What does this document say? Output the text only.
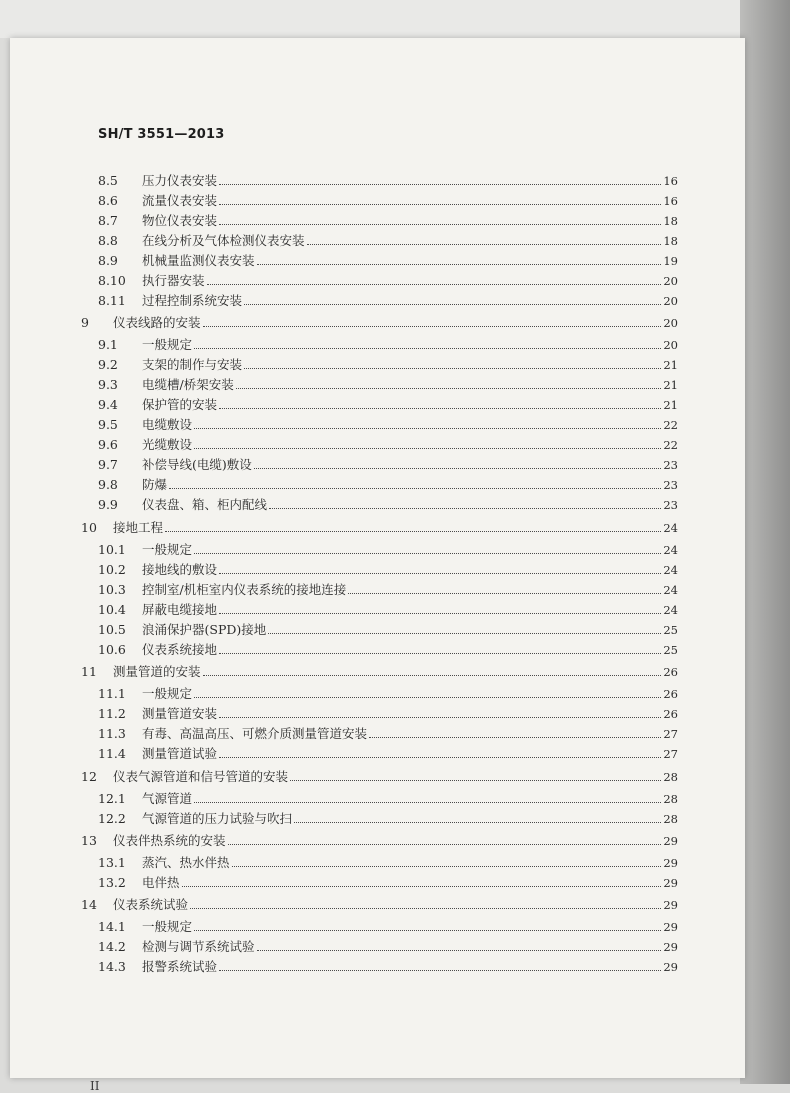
SH/T 3551—2013
8.5	压力仪表安装	16
8.6	流量仪表安装	16
8.7	物位仪表安装	18
8.8	在线分析及气体检测仪表安装	18
8.9	机械量监测仪表安装	19
8.10	执行器安装	20
8.11	过程控制系统安装	20
9	仪表线路的安装	20
9.1	一般规定	20
9.2	支架的制作与安装	21
9.3	电缆槽/桥架安装	21
9.4	保护管的安装	21
9.5	电缆敷设	22
9.6	光缆敷设	22
9.7	补偿导线(电缆)敷设	23
9.8	防爆	23
9.9	仪表盘、箱、柜内配线	23
10	接地工程	24
10.1	一般规定	24
10.2	接地线的敷设	24
10.3	控制室/机柜室内仪表系统的接地连接	24
10.4	屏蔽电缆接地	24
10.5	浪涌保护器(SPD)接地	25
10.6	仪表系统接地	25
11	测量管道的安装	26
11.1	一般规定	26
11.2	测量管道安装	26
11.3	有毒、高温高压、可燃介质测量管道安装	27
11.4	测量管道试验	27
12	仪表气源管道和信号管道的安装	28
12.1	气源管道	28
12.2	气源管道的压力试验与吹扫	28
13	仪表伴热系统的安装	29
13.1	蒸汽、热水伴热	29
13.2	电伴热	29
14	仪表系统试验	29
14.1	一般规定	29
14.2	检测与调节系统试验	29
14.3	报警系统试验	29
II
